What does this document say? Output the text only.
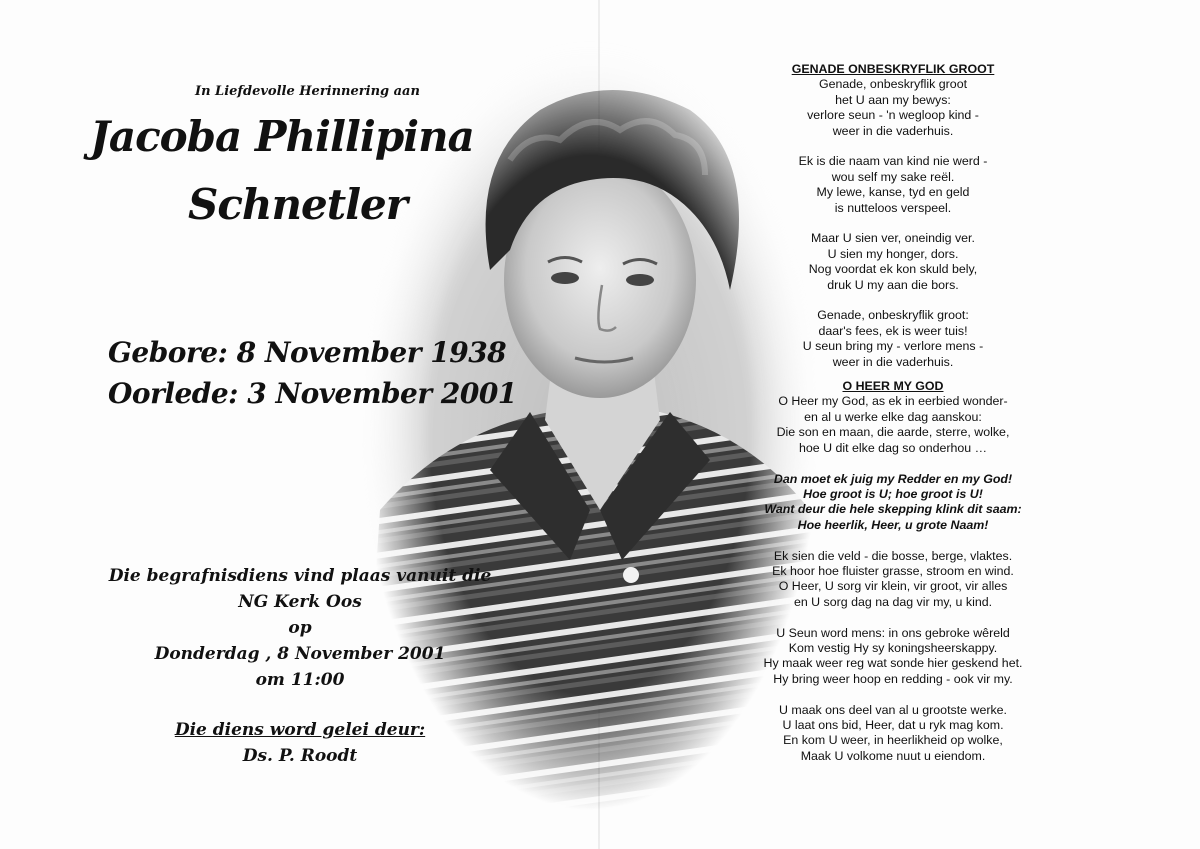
In Liefdevolle Herinnering aan
Jacoba Phillipina
Schnetler
Gebore: 8 November 1938
Oorlede: 3 November 2001
Die begrafnisdiens vind plaas vanuit die
NG Kerk Oos
op
Donderdag , 8 November 2001
om 11:00
Die diens word gelei deur:
Ds. P. Roodt
GENADE ONBESKRYFLIK GROOT
Genade, onbeskryflik groot
het U aan my bewys:
verlore seun - 'n wegloop kind -
weer in die vaderhuis.
Ek is die naam van kind nie werd -
wou self my sake reël.
My lewe, kanse, tyd en geld
is nutteloos verspeel.
Maar U sien ver, oneindig ver.
U sien my honger, dors.
Nog voordat ek kon skuld bely,
druk U my aan die bors.
Genade, onbeskryflik groot:
daar's fees, ek is weer tuis!
U seun bring my - verlore mens -
weer in die vaderhuis.
O HEER MY GOD
O Heer my God, as ek in eerbied wonder-
en al u werke elke dag aanskou:
Die son en maan, die aarde, sterre, wolke,
hoe U dit elke dag so onderhou …
Dan moet ek juig my Redder en my God!
Hoe groot is U; hoe groot is U!
Want deur die hele skepping klink dit saam:
Hoe heerlik, Heer, u grote Naam!
Ek sien die veld - die bosse, berge, vlaktes.
Ek hoor hoe fluister grasse, stroom en wind.
O Heer, U sorg vir klein, vir groot, vir alles
en U sorg dag na dag vir my, u kind.
U Seun word mens: in ons gebroke wêreld
Kom vestig Hy sy koningsheerskappy.
Hy maak weer reg wat sonde hier geskend het.
Hy bring weer hoop en redding - ook vir my.
U maak ons deel van al u grootste werke.
U laat ons bid, Heer, dat u ryk mag kom.
En kom U weer, in heerlikheid op wolke,
Maak U volkome nuut u eiendom.
